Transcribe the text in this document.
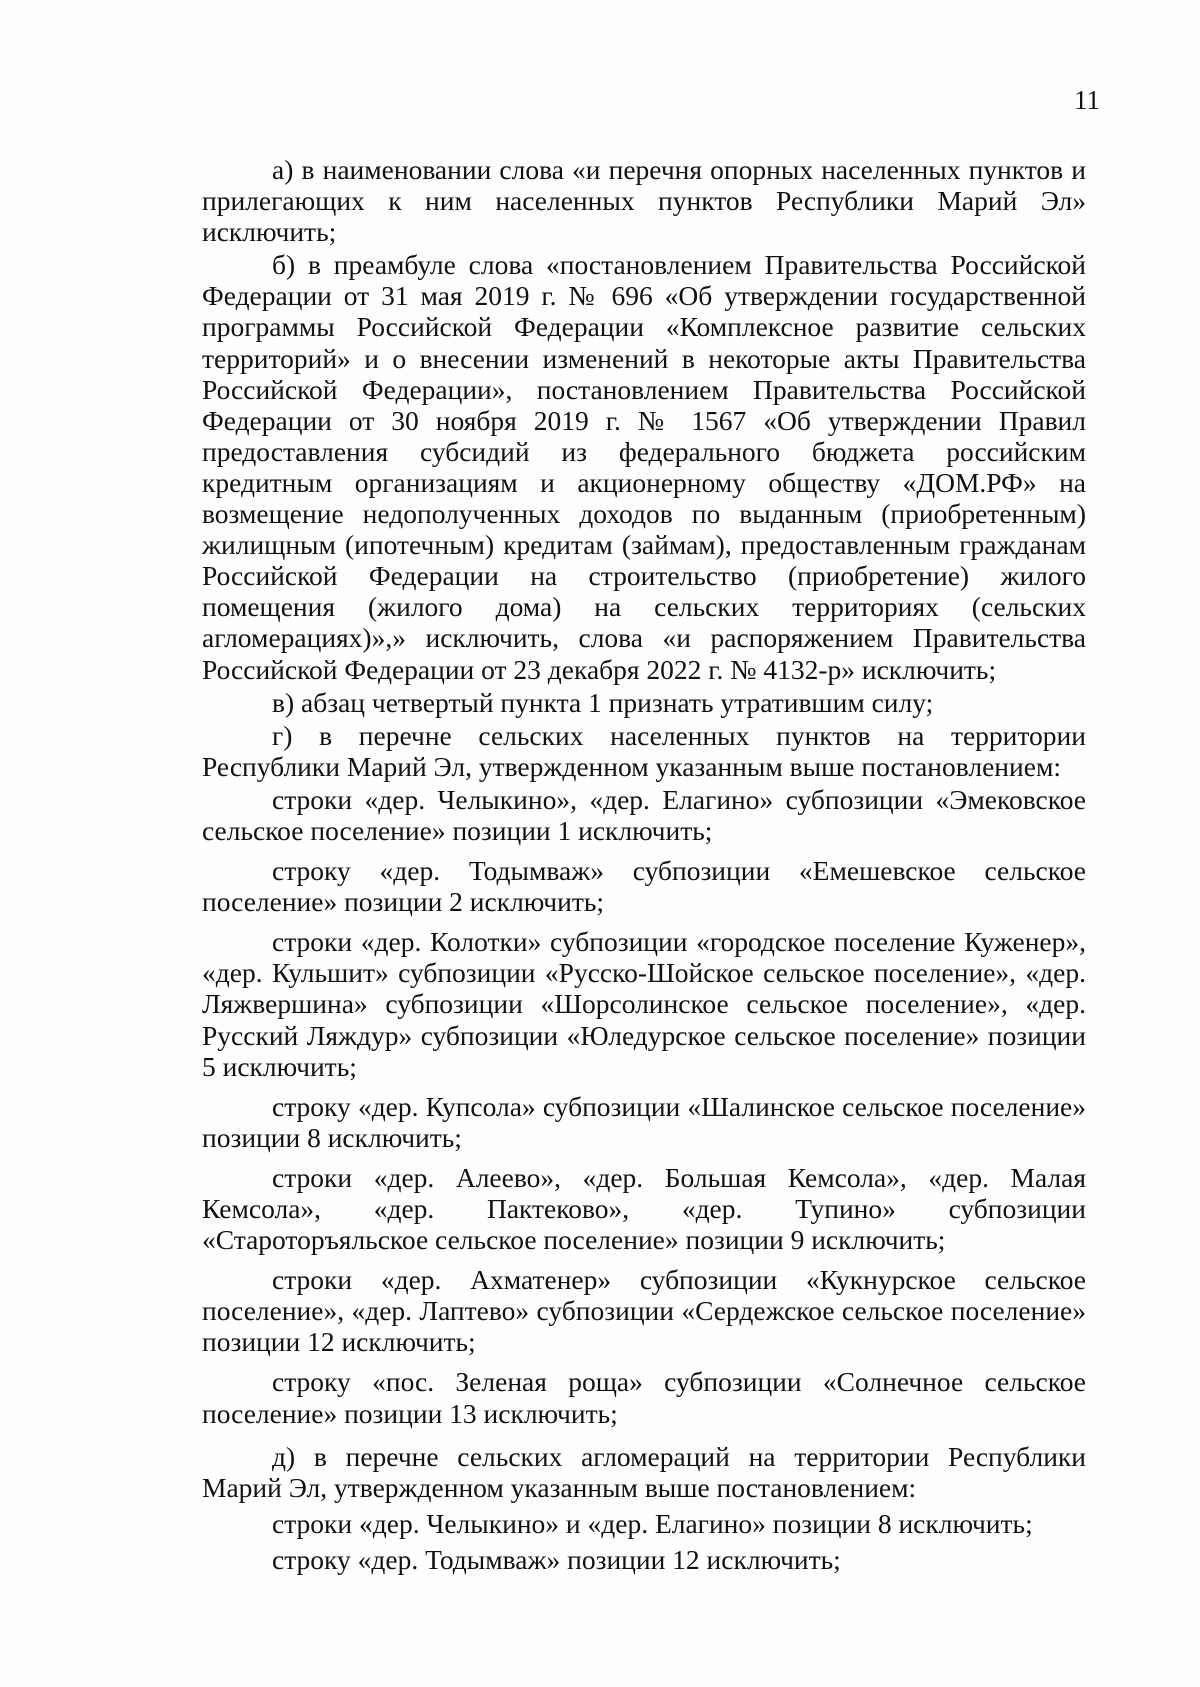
11

а) в наименовании слова «и перечня опорных населенных пунктов и прилегающих к ним населенных пунктов Республики Марий Эл» исключить;

б) в преамбуле слова «постановлением Правительства Российской Федерации от 31 мая 2019 г. № 696 «Об утверждении государственной программы Российской Федерации «Комплексное развитие сельских территорий» и о внесении изменений в некоторые акты Правительства Российской Федерации», постановлением Правительства Российской Федерации от 30 ноября 2019 г. № 1567 «Об утверждении Правил предоставления субсидий из федерального бюджета российским кредитным организациям и акционерному обществу «ДОМ.РФ» на возмещение недополученных доходов по выданным (приобретенным) жилищным (ипотечным) кредитам (займам), предоставленным гражданам Российской Федерации на строительство (приобретение) жилого помещения (жилого дома) на сельских территориях (сельских агломерациях)»,» исключить, слова «и распоряжением Правительства Российской Федерации от 23 декабря 2022 г. № 4132-р» исключить;

в) абзац четвертый пункта 1 признать утратившим силу;

г) в перечне сельских населенных пунктов на территории Республики Марий Эл, утвержденном указанным выше постановлением:

строки «дер. Челыкино», «дер. Елагино» субпозиции «Эмековское сельское поселение» позиции 1 исключить;

строку «дер. Тодымваж» субпозиции «Емешевское сельское поселение» позиции 2 исключить;

строки «дер. Колотки» субпозиции «городское поселение Куженер», «дер. Кульшит» субпозиции «Русско-Шойское сельское поселение», «дер. Ляжвершина» субпозиции «Шорсолинское сельское поселение», «дер. Русский Ляждур» субпозиции «Юледурское сельское поселение» позиции 5 исключить;

строку «дер. Купсола» субпозиции «Шалинское сельское поселение» позиции 8 исключить;

строки «дер. Алеево», «дер. Большая Кемсола», «дер. Малая Кемсола», «дер. Пактеково», «дер. Тупино» субпозиции «Староторъяльское сельское поселение» позиции 9 исключить;

строки «дер. Ахматенер» субпозиции «Кукнурское сельское поселение», «дер. Лаптево» субпозиции «Сердежское сельское поселение» позиции 12 исключить;

строку «пос. Зеленая роща» субпозиции «Солнечное сельское поселение» позиции 13 исключить;

д) в перечне сельских агломераций на территории Республики Марий Эл, утвержденном указанным выше постановлением:

строки «дер. Челыкино» и «дер. Елагино» позиции 8 исключить;

строку «дер. Тодымваж» позиции 12 исключить;
